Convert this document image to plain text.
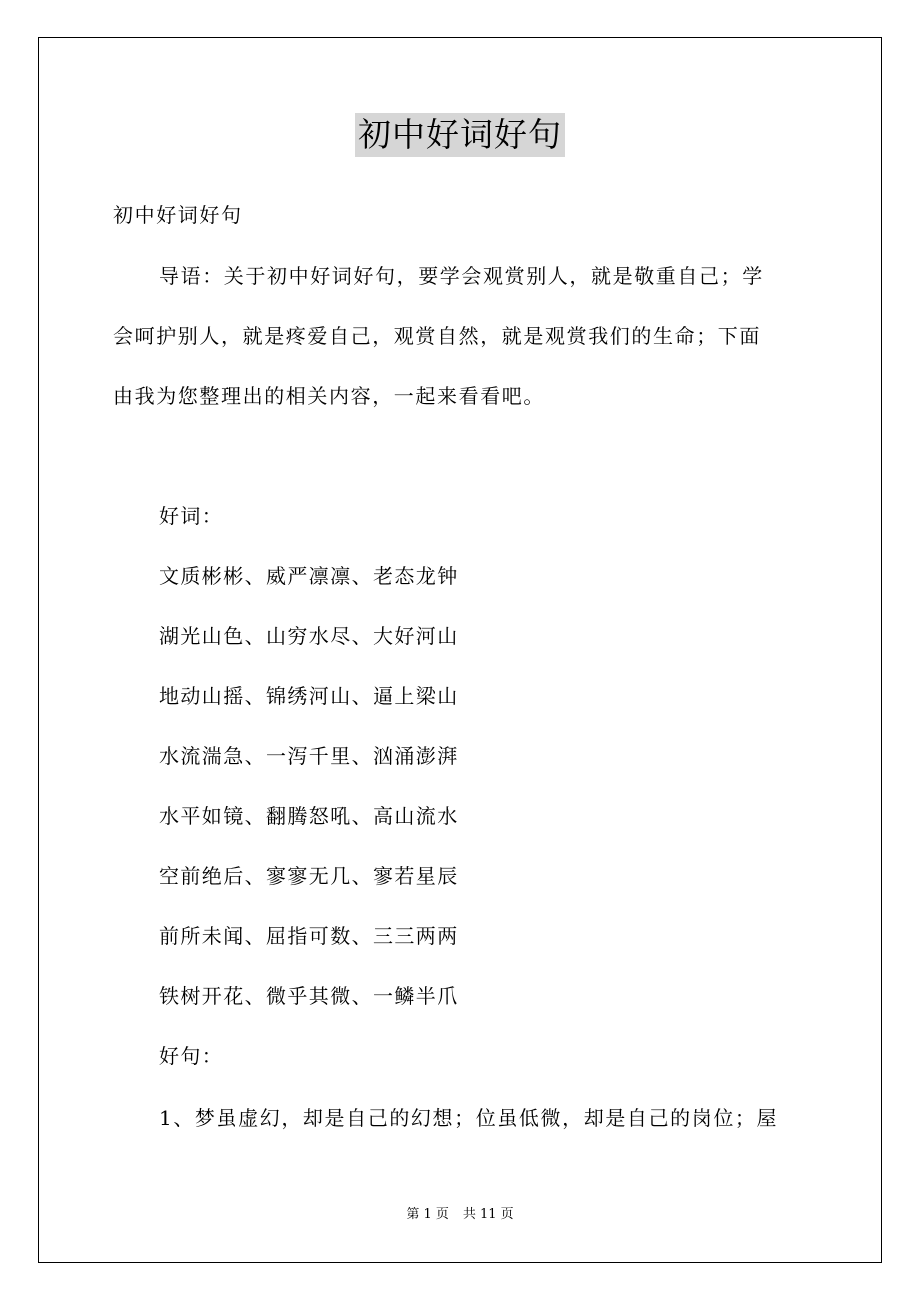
初中好词好句

初中好词好句

导语：关于初中好词好句，要学会观赏别人，就是敬重自己；学

会呵护别人，就是疼爱自己，观赏自然，就是观赏我们的生命；下面

由我为您整理出的相关内容，一起来看看吧。

好词：

文质彬彬、威严凛凛、老态龙钟

湖光山色、山穷水尽、大好河山

地动山摇、锦绣河山、逼上梁山

水流湍急、一泻千里、汹涌澎湃

水平如镜、翻腾怒吼、高山流水

空前绝后、寥寥无几、寥若星辰

前所未闻、屈指可数、三三两两

铁树开花、微乎其微、一鳞半爪

好句：

1、梦虽虚幻，却是自己的幻想；位虽低微，却是自己的岗位；屋

第 1 页 共 11 页
